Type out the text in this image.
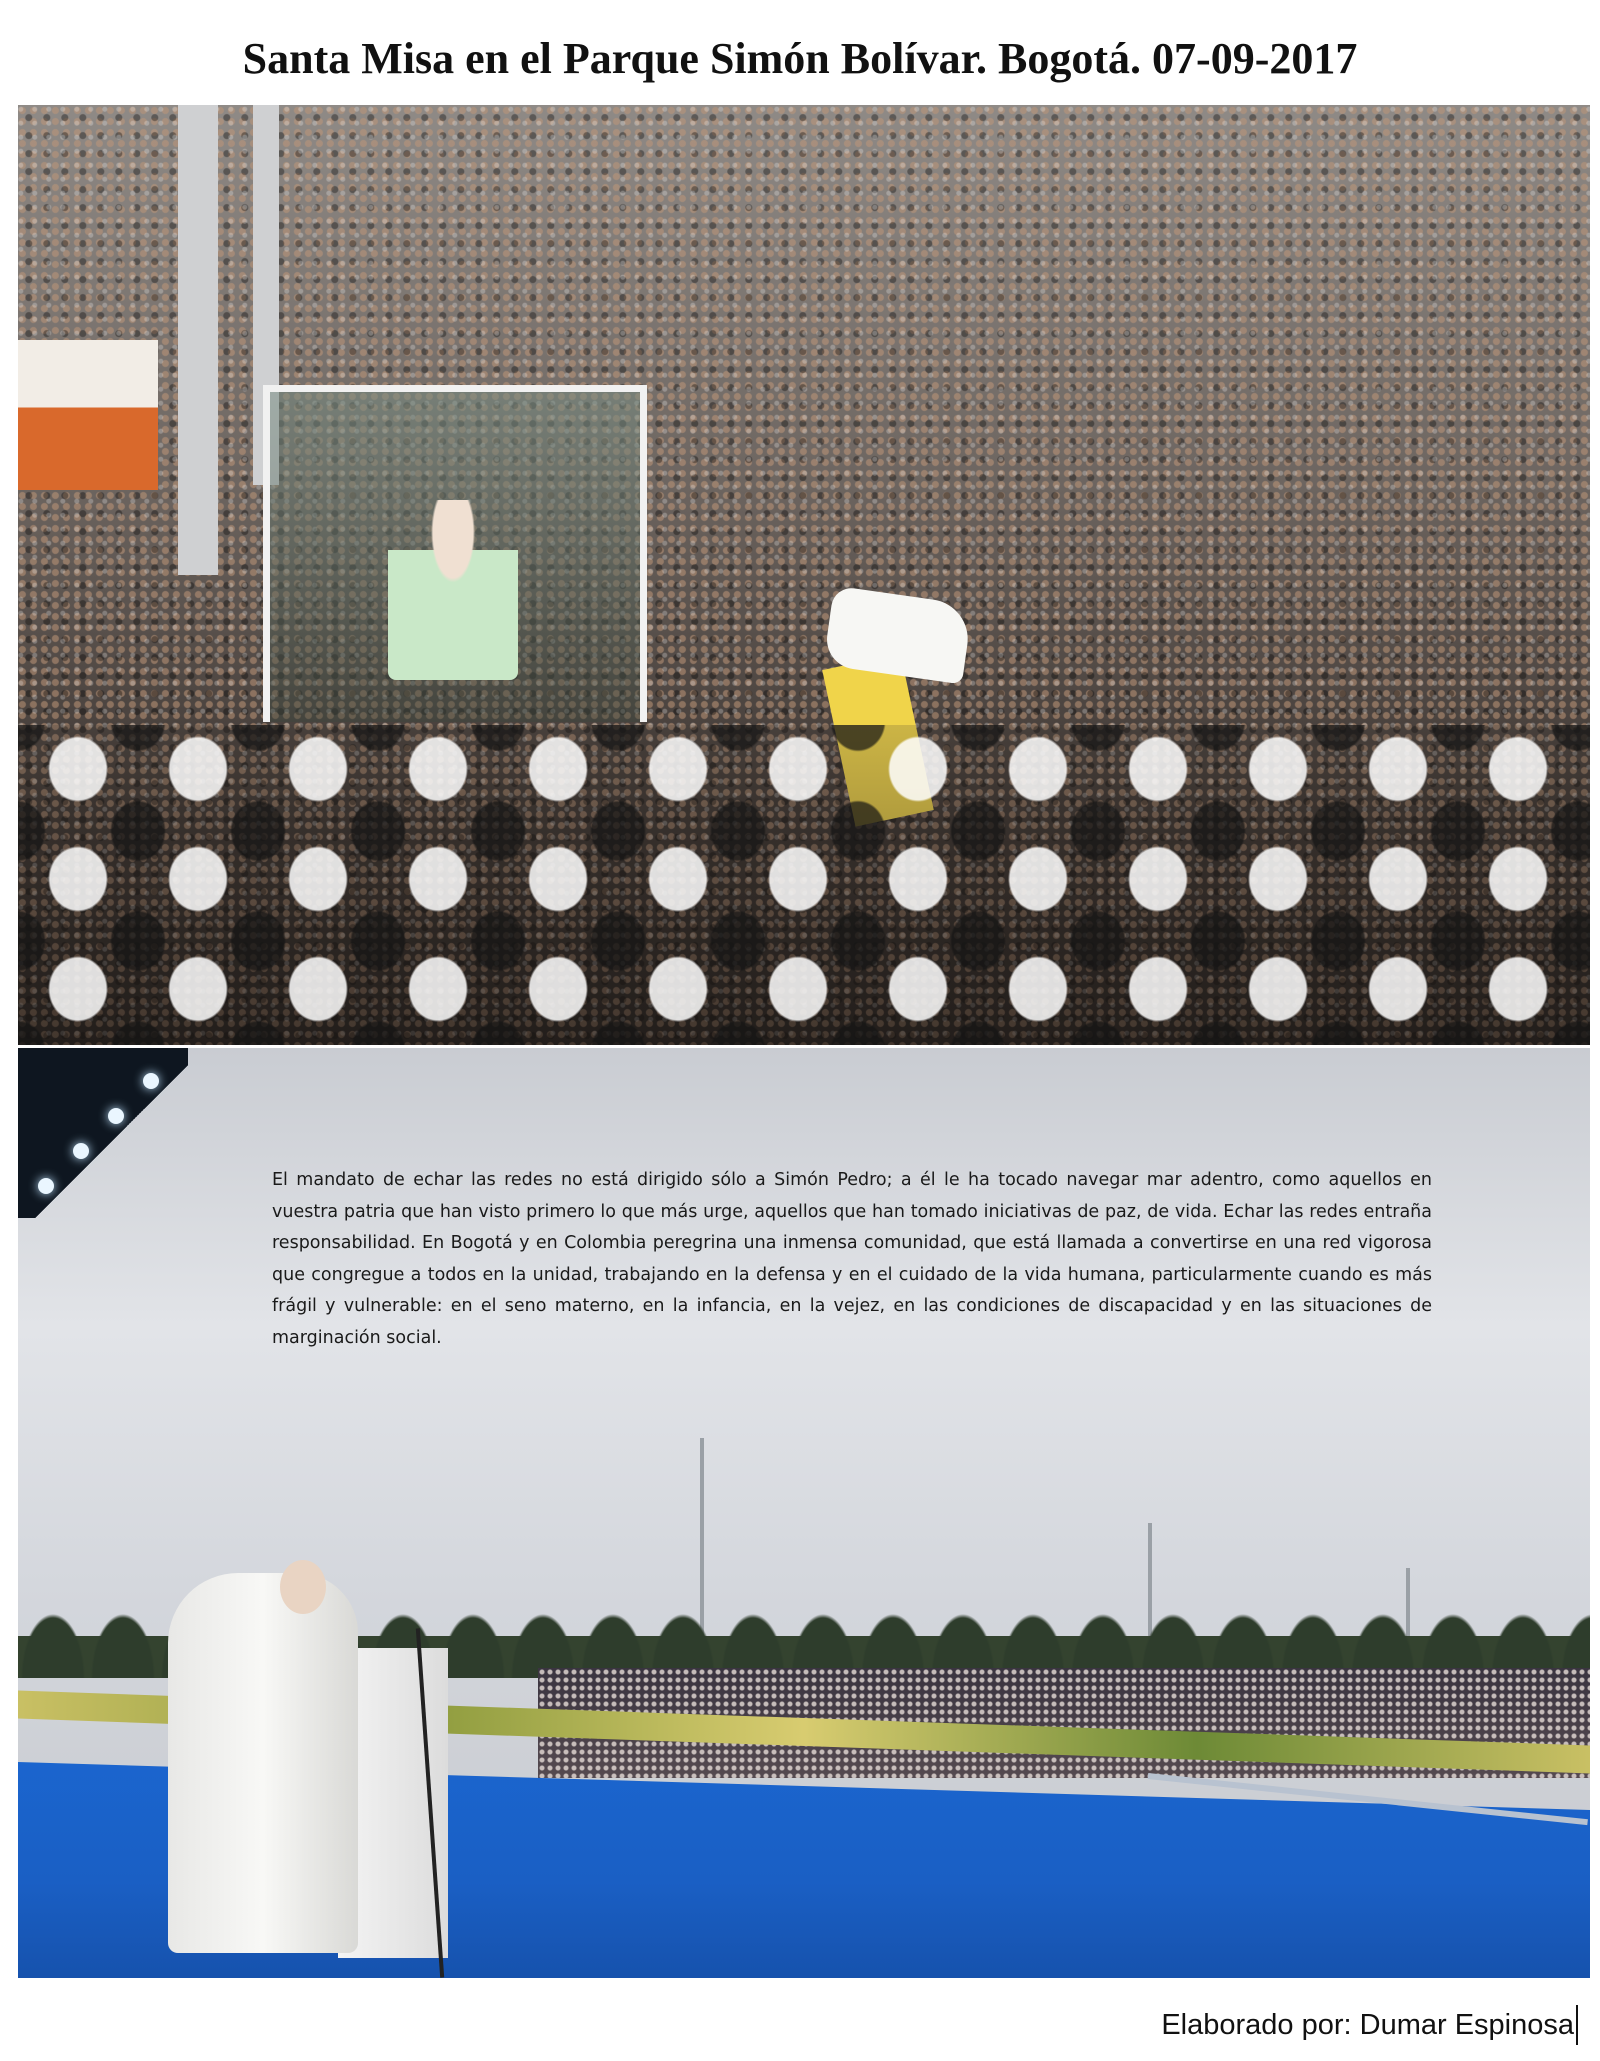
Santa Misa en el Parque Simón Bolívar. Bogotá. 07-09-2017

El mandato de echar las redes no está dirigido sólo a Simón Pedro; a él le ha tocado navegar mar adentro, como aquellos en vuestra patria que han visto primero lo que más urge, aquellos que han tomado iniciativas de paz, de vida. Echar las redes entraña responsabilidad. En Bogotá y en Colombia peregrina una inmensa comunidad, que está llamada a convertirse en una red vigorosa que congregue a todos en la unidad, trabajando en la defensa y en el cuidado de la vida humana, particularmente cuando es más frágil y vulnerable: en el seno materno, en la infancia, en la vejez, en las condiciones de discapacidad y en las situaciones de marginación social.

Elaborado por: Dumar Espinosa
